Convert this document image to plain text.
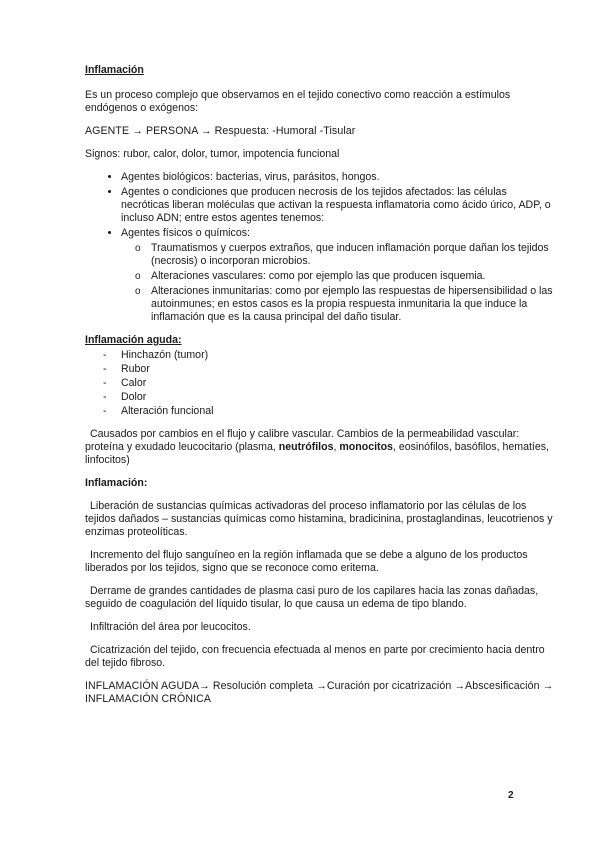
Inflamación

Es un proceso complejo que observamos en el tejido conectivo como reacción a estímulos endógenos o exógenos:

AGENTE → PERSONA → Respuesta: -Humoral -Tisular

Signos: rubor, calor, dolor, tumor, impotencia funcional

• Agentes biológicos: bacterias, virus, parásitos, hongos.
• Agentes o condiciones que producen necrosis de los tejidos afectados: las células necróticas liberan moléculas que activan la respuesta inflamatoria como ácido úrico, ADP, o incluso ADN; entre estos agentes tenemos:
• Agentes físicos o químicos:
o Traumatismos y cuerpos extraños, que inducen inflamación porque dañan los tejidos (necrosis) o incorporan microbios.
o Alteraciones vasculares: como por ejemplo las que producen isquemia.
o Alteraciones inmunitarias: como por ejemplo las respuestas de hipersensibilidad o las autoinmunes; en estos casos es la propia respuesta inmunitaria la que induce la inflamación que es la causa principal del daño tisular.
Inflamación aguda:
- Hinchazón (tumor)
- Rubor
- Calor
- Dolor
- Alteración funcional

Causados por cambios en el flujo y calibre vascular. Cambios de la permeabilidad vascular: proteína y exudado leucocitario (plasma, neutrófilos, monocitos, eosinófilos, basófilos, hematíes, linfocitos)

Inflamación:

Liberación de sustancias químicas activadoras del proceso inflamatorio por las células de los tejidos dañados – sustancias químicas como histamina, bradicinina, prostaglandinas, leucotrienos y enzimas proteolíticas.

Incremento del flujo sanguíneo en la región inflamada que se debe a alguno de los productos liberados por los tejidos, signo que se reconoce como eritema.

Derrame de grandes cantidades de plasma casi puro de los capilares hacia las zonas dañadas, seguido de coagulación del líquido tisular, lo que causa un edema de tipo blando.

Infiltración del área por leucocitos.

Cicatrización del tejido, con frecuencia efectuada al menos en parte por crecimiento hacia dentro del tejido fibroso.

INFLAMACIÓN AGUDA→ Resolución completa →Curación por cicatrización →Abscesificación → INFLAMACIÓN CRÓNICA

2
